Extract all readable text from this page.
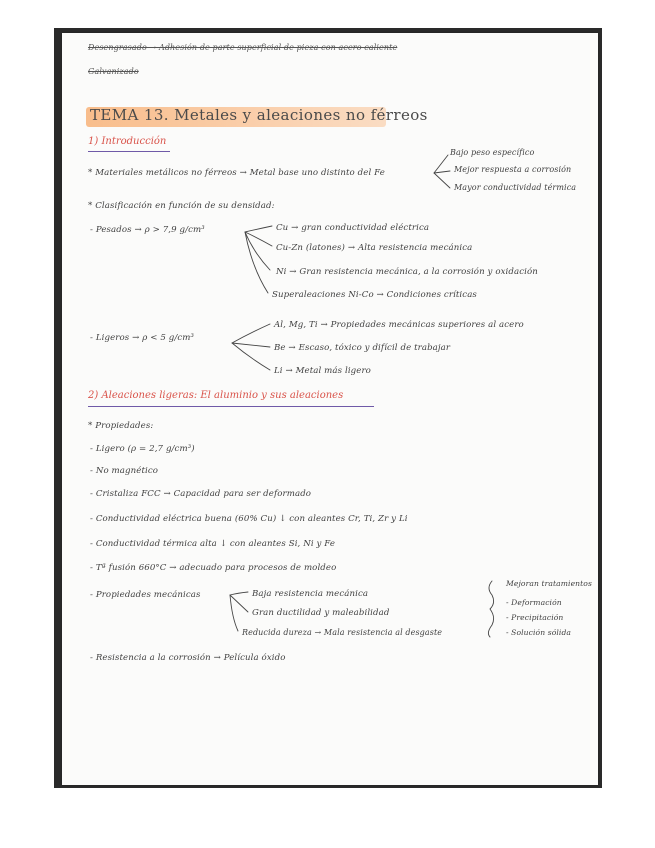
Desengrasado → Adhesión de parte superficial de pieza con acero caliente
Galvanizado
TEMA 13. Metales y aleaciones no férreos
1) Introducción
* Materiales metálicos no férreos → Metal base uno distinto del Fe
Bajo peso específico
Mejor respuesta a corrosión
Mayor conductividad térmica
* Clasificación en función de su densidad:
- Pesados → ρ > 7,9 g/cm³	Cu → gran conductividad eléctrica
Cu-Zn (latones) → Alta resistencia mecánica
Ni → Gran resistencia mecánica, a la corrosión y oxidación
Superaleaciones Ni-Co → Condiciones críticas
- Ligeros → ρ < 5 g/cm³
Al, Mg, Ti → Propiedades mecánicas superiores al acero
Be → Escaso, tóxico y difícil de trabajar
Li → Metal más ligero
2) Aleaciones ligeras: El aluminio y sus aleaciones
* Propiedades:
- Ligero (ρ = 2,7 g/cm³)
- No magnético
- Cristaliza FCC → Capacidad para ser deformado
- Conductividad eléctrica buena (60% Cu) ↓ con aleantes Cr, Ti, Zr y Li
- Conductividad térmica alta ↓ con aleantes Si, Ni y Fe
- Tª fusión 660°C → adecuado para procesos de moldeo
- Propiedades mecánicas	Baja resistencia mecánica
Gran ductilidad y maleabilidad
Reducida dureza → Mala resistencia al desgaste
Mejoran tratamientos
- Deformación
- Precipitación
- Solución sólida
- Resistencia a la corrosión → Película óxido
